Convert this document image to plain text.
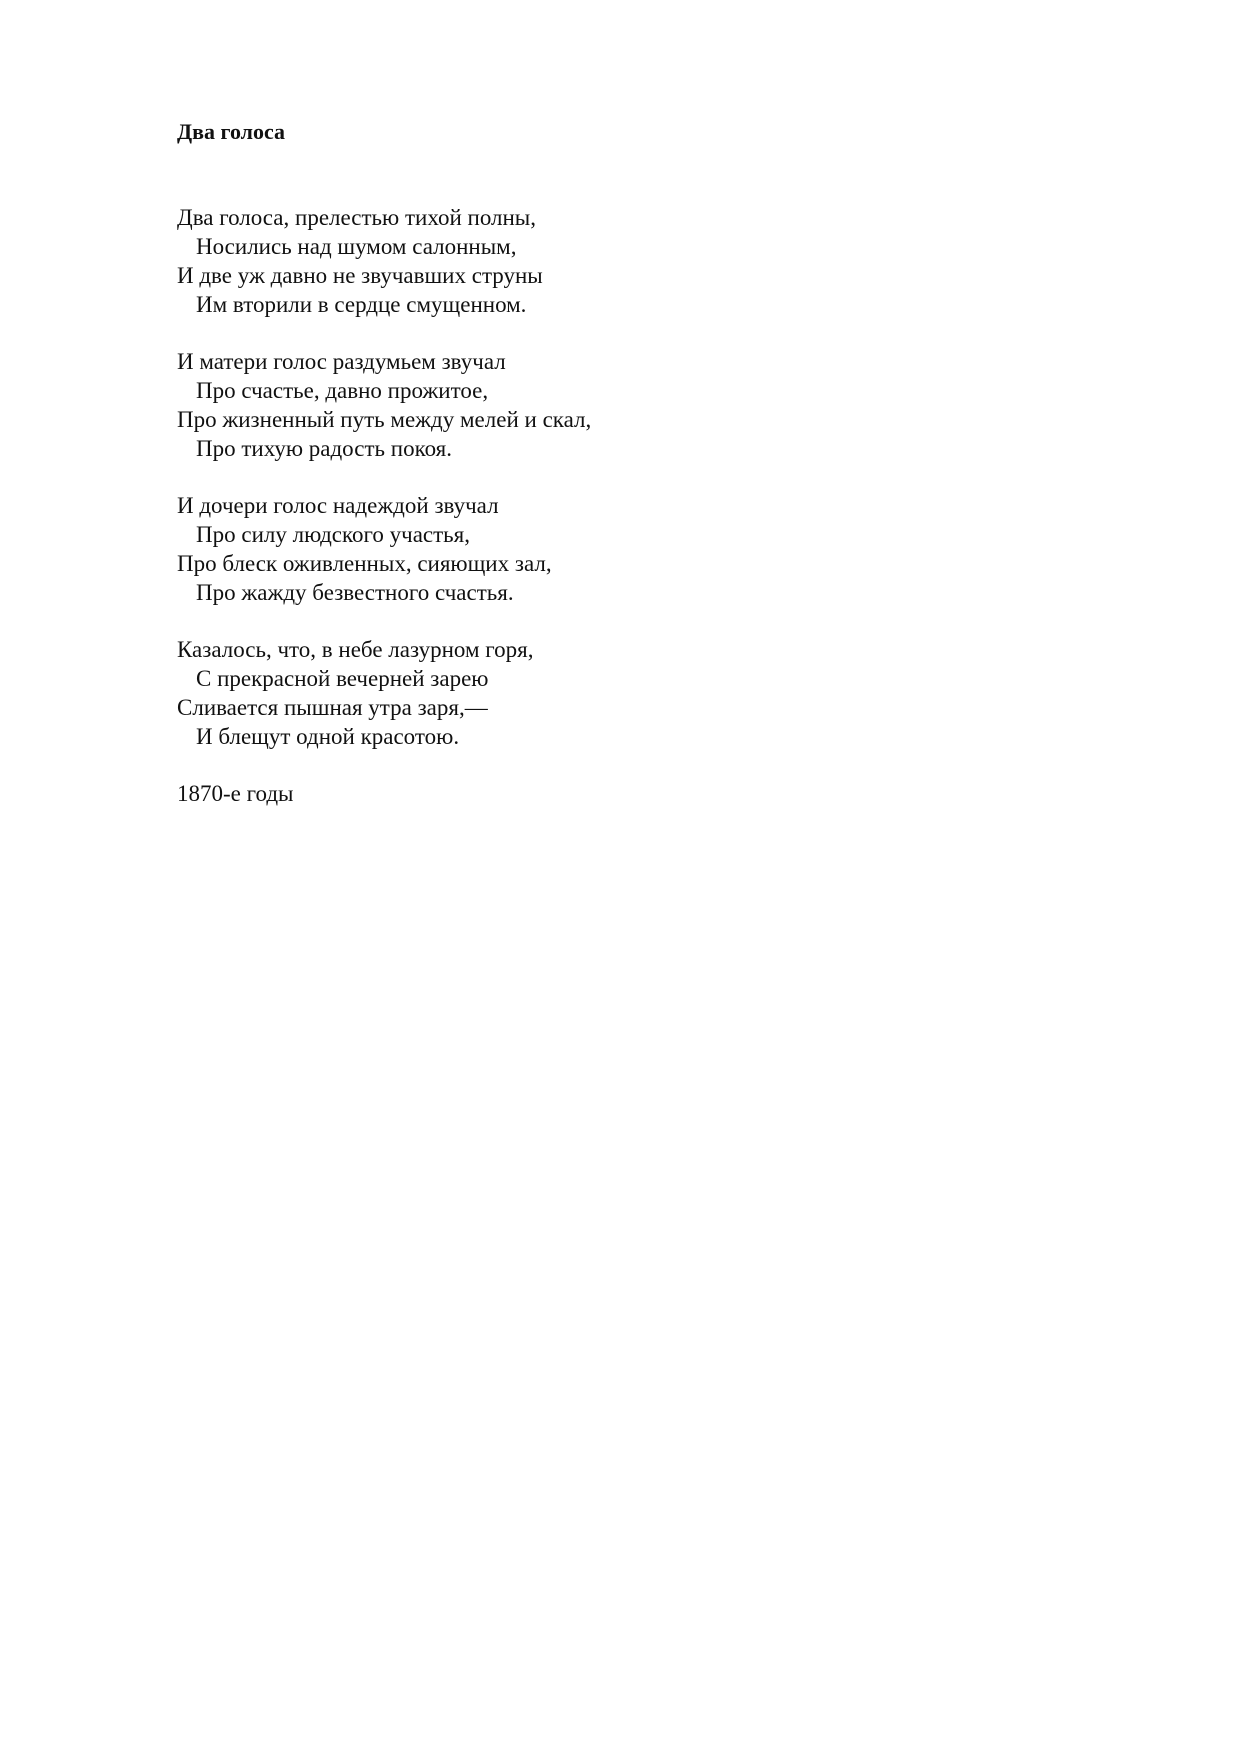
Два голоса
Два голоса, прелестью тихой полны,
Носились над шумом салонным,
И две уж давно не звучавших струны
Им вторили в сердце смущенном.
И матери голос раздумьем звучал
Про счастье, давно прожитое,
Про жизненный путь между мелей и скал,
Про тихую радость покоя.
И дочери голос надеждой звучал
Про силу людского участья,
Про блеск оживленных, сияющих зал,
Про жажду безвестного счастья.
Казалось, что, в небе лазурном горя,
С прекрасной вечерней зарею
Сливается пышная утра заря,—
И блещут одной красотою.

1870-е годы
